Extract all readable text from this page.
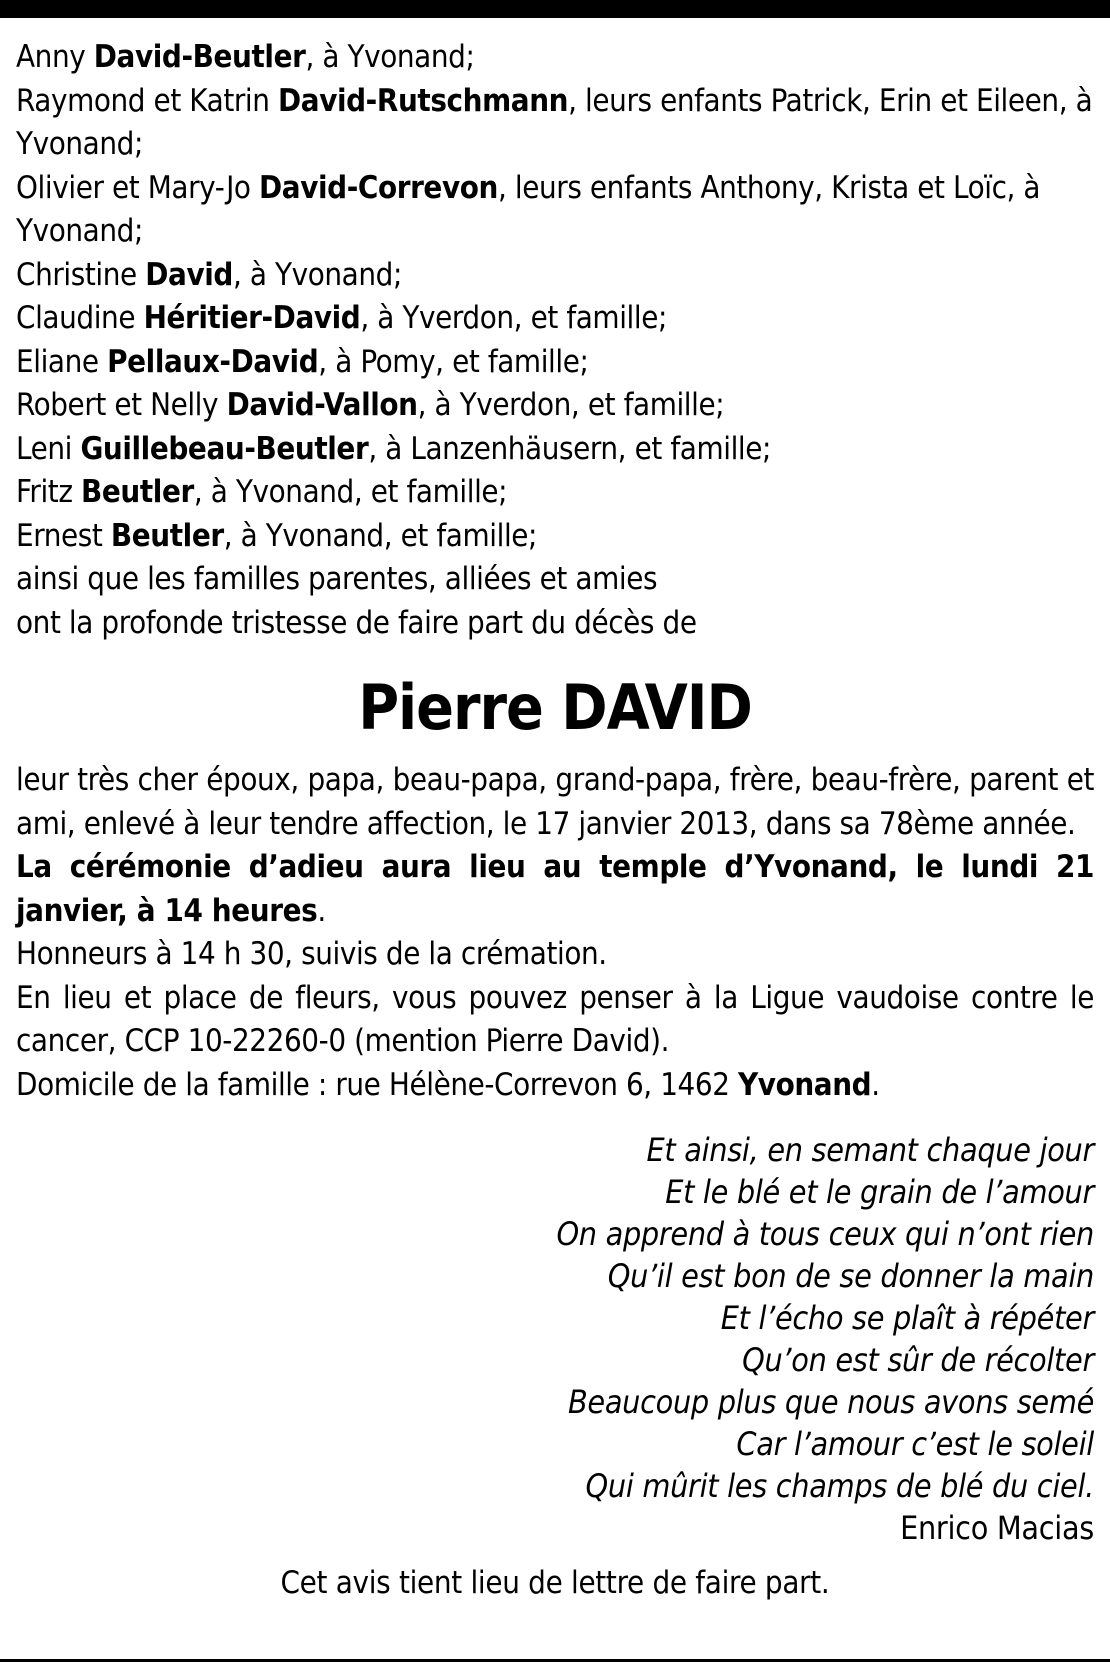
Anny David-Beutler, à Yvonand;

Raymond et Katrin David-Rutschmann, leurs enfants Patrick, Erin et Eileen, à Yvonand;

Olivier et Mary-Jo David-Correvon, leurs enfants Anthony, Krista et Loïc, à Yvonand;

Christine David, à Yvonand;

Claudine Héritier-David, à Yverdon, et famille;

Eliane Pellaux-David, à Pomy, et famille;

Robert et Nelly David-Vallon, à Yverdon, et famille;

Leni Guillebeau-Beutler, à Lanzenhäusern, et famille;

Fritz Beutler, à Yvonand, et famille;

Ernest Beutler, à Yvonand, et famille;

ainsi que les familles parentes, alliées et amies

ont la profonde tristesse de faire part du décès de

Pierre DAVID

leur très cher époux, papa, beau-papa, grand-papa, frère, beau-frère, parent et ami, enlevé à leur tendre affection, le 17 janvier 2013, dans sa 78ème année.

La cérémonie d’adieu aura lieu au temple d’Yvonand, le lundi 21 janvier, à 14 heures.

Honneurs à 14 h 30, suivis de la crémation.

En lieu et place de fleurs, vous pouvez penser à la Ligue vaudoise contre le cancer, CCP 10-22260-0 (mention Pierre David).

Domicile de la famille : rue Hélène-Correvon 6, 1462 Yvonand.

Et ainsi, en semant chaque jour

Et le blé et le grain de l’amour

On apprend à tous ceux qui n’ont rien

Qu’il est bon de se donner la main

Et l’écho se plaît à répéter

Qu’on est sûr de récolter

Beaucoup plus que nous avons semé

Car l’amour c’est le soleil

Qui mûrit les champs de blé du ciel.

Enrico Macias

Cet avis tient lieu de lettre de faire part.
